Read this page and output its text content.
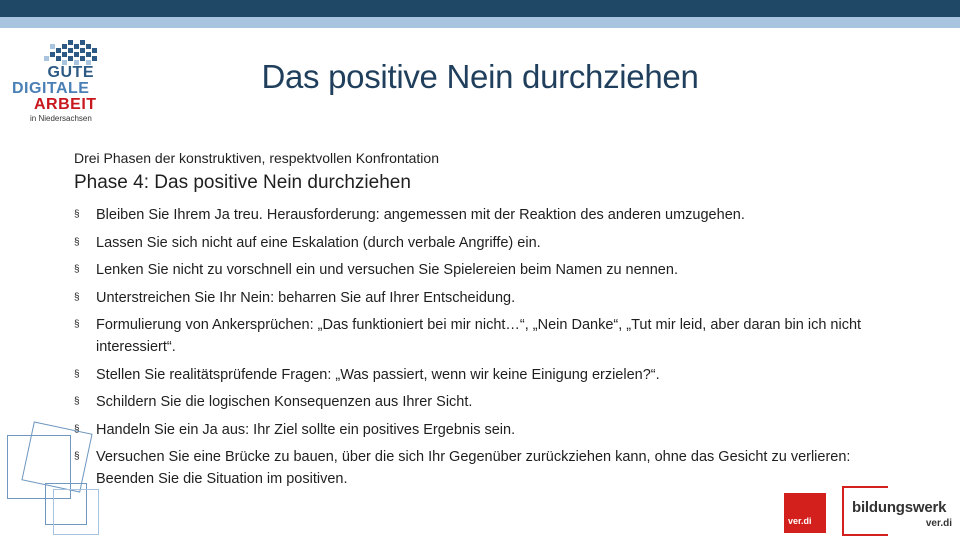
GUTE
DIGITALE
ARBEIT
in Niedersachsen
Das positive Nein durchziehen
Drei Phasen der konstruktiven, respektvollen Konfrontation
Phase 4: Das positive Nein durchziehen
§ Bleiben Sie Ihrem Ja treu. Herausforderung: angemessen mit der Reaktion des anderen umzugehen.
§ Lassen Sie sich nicht auf eine Eskalation (durch verbale Angriffe) ein.
§ Lenken Sie nicht zu vorschnell ein und versuchen Sie Spielereien beim Namen zu nennen.
§ Unterstreichen Sie Ihr Nein: beharren Sie auf Ihrer Entscheidung.
§ Formulierung von Ankersprüchen: „Das funktioniert bei mir nicht…“, „Nein Danke“, „Tut mir leid, aber daran bin ich nicht interessiert“.
§ Stellen Sie realitätsprüfende Fragen: „Was passiert, wenn wir keine Einigung erzielen?“.
§ Schildern Sie die logischen Konsequenzen aus Ihrer Sicht.
§ Handeln Sie ein Ja aus: Ihr Ziel sollte ein positives Ergebnis sein.
§ Versuchen Sie eine Brücke zu bauen, über die sich Ihr Gegenüber zurückziehen kann, ohne das Gesicht zu verlieren: Beenden Sie die Situation im positiven.
ver.di
bildungswerk
ver.di
